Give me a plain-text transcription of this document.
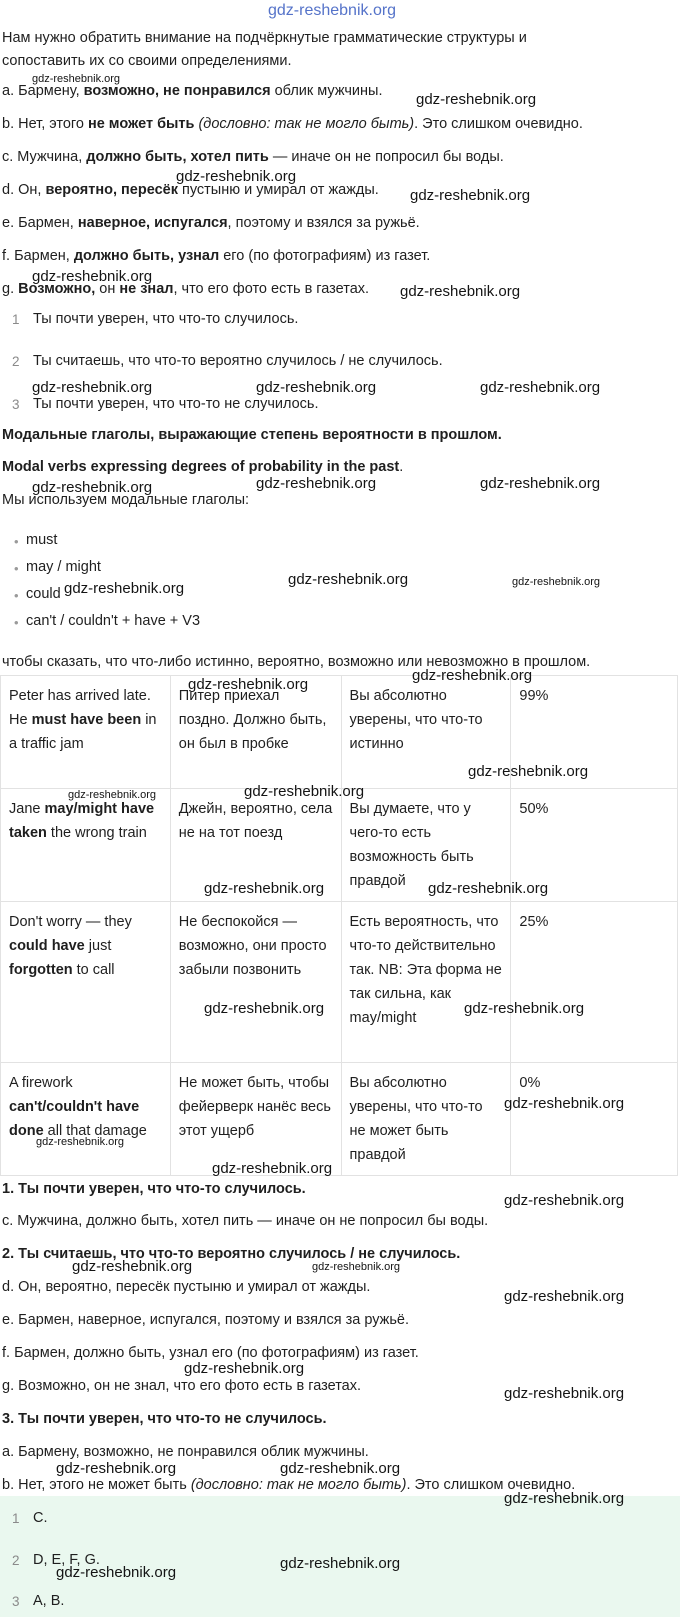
gdz-reshebnik.org
Нам нужно обратить внимание на подчёркнутые грамматические структуры и
сопоставить их со своими определениями.
a. Бармену, возможно, не понравился облик мужчины.
b. Нет, этого не может быть (дословно: так не могло быть). Это слишком очевидно.
c. Мужчина, должно быть, хотел пить — иначе он не попросил бы воды.
d. Он, вероятно, пересёк пустыню и умирал от жажды.
e. Бармен, наверное, испугался, поэтому и взялся за ружьё.
f. Бармен, должно быть, узнал его (по фотографиям) из газет.
g. Возможно, он не знал, что его фото есть в газетах.
1 Ты почти уверен, что что-то случилось.
2 Ты считаешь, что что-то вероятно случилось / не случилось.
3 Ты почти уверен, что что-то не случилось.
Модальные глаголы, выражающие степень вероятности в прошлом.
Modal verbs expressing degrees of probability in the past.
Мы используем модальные глаголы:
• must
• may / might
• could
• can't / couldn't + have + V3
чтобы сказать, что что-либо истинно, вероятно, возможно или невозможно в прошлом.
Peter has arrived late. He must have been in a traffic jam	Питер приехал поздно. Должно быть, он был в пробке	Вы абсолютно уверены, что что-то истинно	99%
Jane may/might have taken the wrong train	Джейн, вероятно, села не на тот поезд	Вы думаете, что у чего-то есть возможность быть правдой	50%
Don't worry — they could have just forgotten to call	Не беспокойся — возможно, они просто забыли позвонить	Есть вероятность, что что-то действительно так. NB: Эта форма не так сильна, как may/might	25%
A firework can't/couldn't have done all that damage	Не может быть, чтобы фейерверк нанёс весь этот ущерб	Вы абсолютно уверены, что что-то не может быть правдой	0%
1. Ты почти уверен, что что-то случилось.
c. Мужчина, должно быть, хотел пить — иначе он не попросил бы воды.
2. Ты считаешь, что что-то вероятно случилось / не случилось.
d. Он, вероятно, пересёк пустыню и умирал от жажды.
e. Бармен, наверное, испугался, поэтому и взялся за ружьё.
f. Бармен, должно быть, узнал его (по фотографиям) из газет.
g. Возможно, он не знал, что его фото есть в газетах.
3. Ты почти уверен, что что-то не случилось.
a. Бармену, возможно, не понравился облик мужчины.
b. Нет, этого не может быть (дословно: так не могло быть). Это слишком очевидно.
1 C.
2 D, E, F, G.
3 A, B.
gdz-reshebnik.org
gdz-reshebnik.org
gdz-reshebnik.org
gdz-reshebnik.org
gdz-reshebnik.org
gdz-reshebnik.org
gdz-reshebnik.org	gdz-reshebnik.org	gdz-reshebnik.org
gdz-reshebnik.org	gdz-reshebnik.org	gdz-reshebnik.org
gdz-reshebnik.org
gdz-reshebnik.org	gdz-reshebnik.org
gdz-reshebnik.org
gdz-reshebnik.org
gdz-reshebnik.org
gdz-reshebnik.org	gdz-reshebnik.org
gdz-reshebnik.org	gdz-reshebnik.org
gdz-reshebnik.org	gdz-reshebnik.org
gdz-reshebnik.org
gdz-reshebnik.org
gdz-reshebnik.org
gdz-reshebnik.org
gdz-reshebnik.org	gdz-reshebnik.org
gdz-reshebnik.org
gdz-reshebnik.org
gdz-reshebnik.org
gdz-reshebnik.org	gdz-reshebnik.org
gdz-reshebnik.org
gdz-reshebnik.org
gdz-reshebnik.org
